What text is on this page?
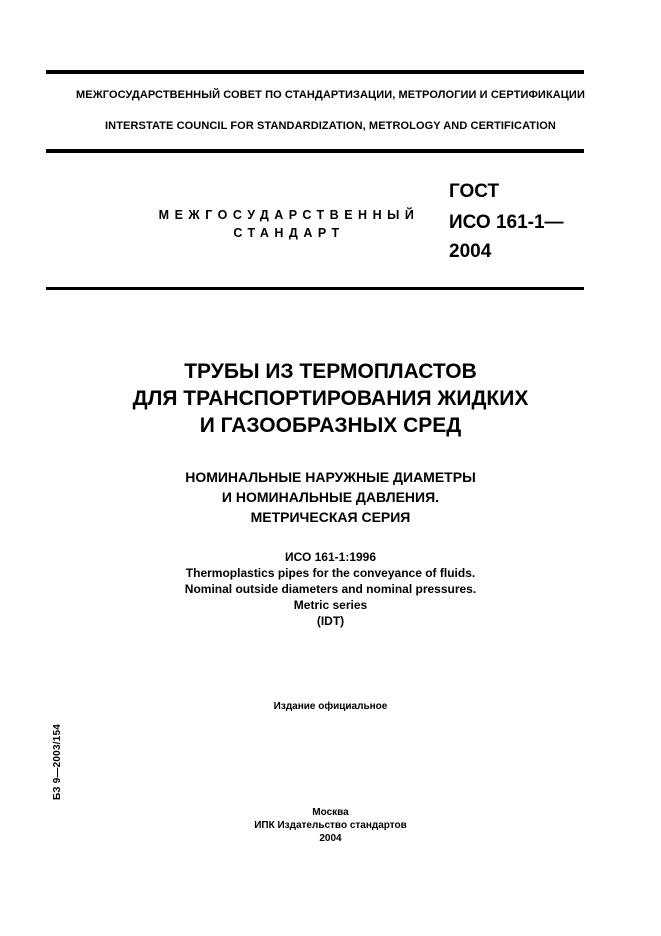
МЕЖГОСУДАРСТВЕННЫЙ СОВЕТ ПО СТАНДАРТИЗАЦИИ, МЕТРОЛОГИИ И СЕРТИФИКАЦИИ
INTERSTATE COUNCIL FOR STANDARDIZATION, METROLOGY AND CERTIFICATION
МЕЖГОСУДАРСТВЕННЫЙ
СТАНДАРТ
ГОСТ
ИСО 161-1—
2004
ТРУБЫ ИЗ ТЕРМОПЛАСТОВ
ДЛЯ ТРАНСПОРТИРОВАНИЯ ЖИДКИХ
И ГАЗООБРАЗНЫХ СРЕД
НОМИНАЛЬНЫЕ НАРУЖНЫЕ ДИАМЕТРЫ
И НОМИНАЛЬНЫЕ ДАВЛЕНИЯ.
МЕТРИЧЕСКАЯ СЕРИЯ
ИСО 161-1:1996
Thermoplastics pipes for the conveyance of fluids.
Nominal outside diameters and nominal pressures.
Metric series
(IDT)
Издание официальное
Москва
ИПК Издательство стандартов
2004
БЗ 9—2003/154
